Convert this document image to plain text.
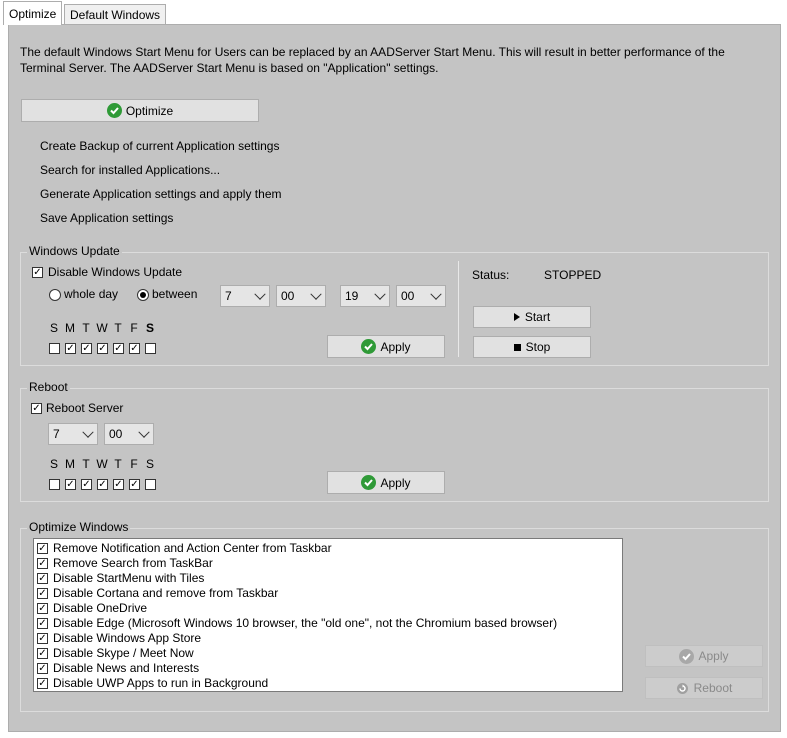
Optimize	Default Windows
The default Windows Start Menu for Users can be replaced by an AADServer Start Menu. This will result in better performance of the Terminal Server. The AADServer Start Menu is based on "Application" settings.
Optimize
Create Backup of current Application settings
Search for installed Applications...
Generate Application settings and apply them
Save Application settings
Windows Update
✓
Disable Windows Update
whole day	between	7	00	19	00
S M T W T F S
✓
✓
✓
✓
✓
Apply
Status:	STOPPED
Start
Stop
Reboot
✓
Reboot Server
7	00
S M T W T F S
✓
✓
✓
✓
✓
Apply
Optimize Windows
✓
Remove Notification and Action Center from Taskbar
✓
Remove Search from TaskBar
✓
Disable StartMenu with Tiles
✓
Disable Cortana and remove from Taskbar
✓
Disable OneDrive
✓
Disable Edge (Microsoft Windows 10 browser, the "old one", not the Chromium based browser)
✓
Disable Windows App Store
✓
Disable Skype / Meet Now
✓
Disable News and Interests
✓
Disable UWP Apps to run in Background
Apply
Reboot
